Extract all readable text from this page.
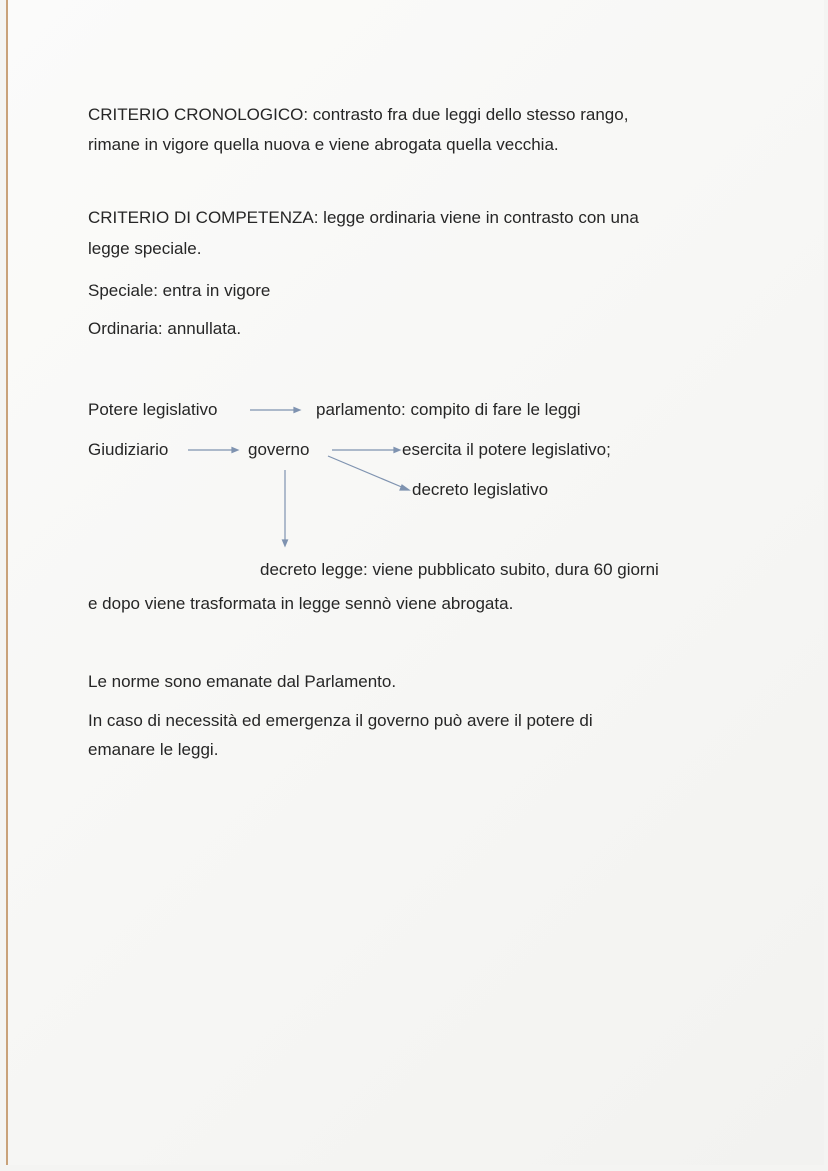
CRITERIO CRONOLOGICO: contrasto fra due leggi dello stesso rango,
rimane in vigore quella nuova e viene abrogata quella vecchia.
CRITERIO DI COMPETENZA: legge ordinaria viene in contrasto con una
legge speciale.
Speciale: entra in vigore
Ordinaria: annullata.
Potere legislativo	parlamento: compito di fare le leggi
Giudiziario	governo	esercita il potere legislativo;
decreto legislativo
decreto legge: viene pubblicato subito, dura 60 giorni
e dopo viene trasformata in legge sennò viene abrogata.
Le norme sono emanate dal Parlamento.
In caso di necessità ed emergenza il governo può avere il potere di
emanare le leggi.
